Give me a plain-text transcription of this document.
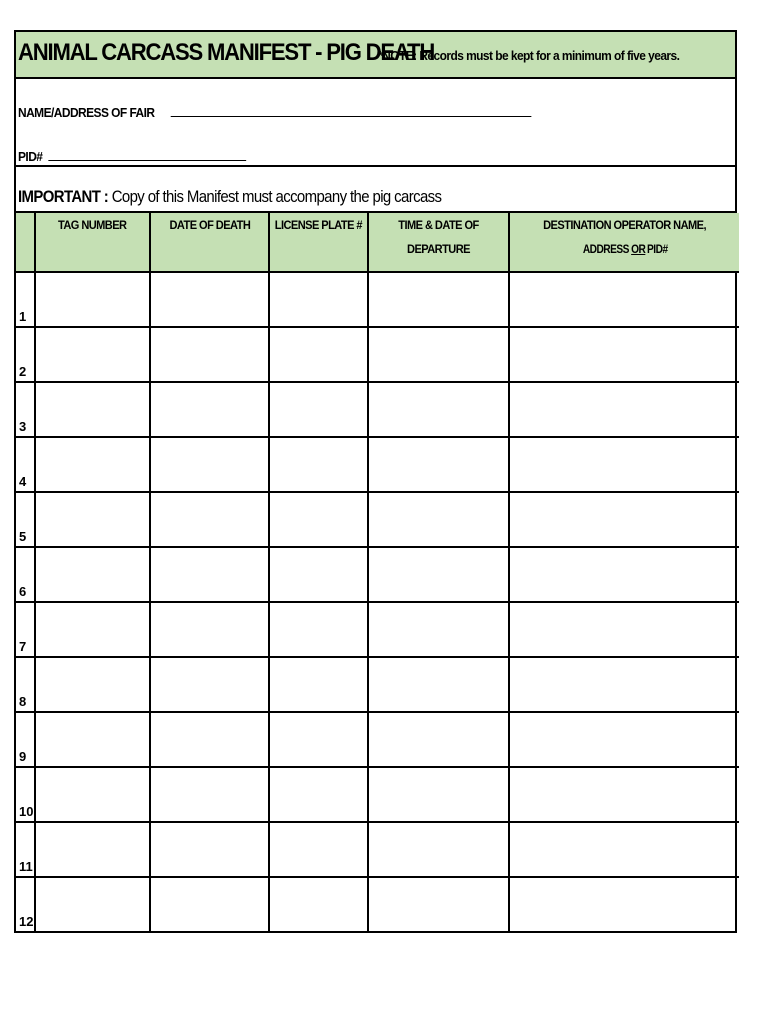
ANIMAL CARCASS MANIFEST - PIG DEATH
*NOTE: Records must be kept for a minimum of five years.
NAME/ADDRESS OF FAIR
PID#
IMPORTANT : Copy of this Manifest must accompany the pig carcass
	TAG NUMBER	DATE OF DEATH	LICENSE PLATE #	TIME & DATE OF DEPARTURE	DESTINATION OPERATOR NAME,
ADDRESSORPID#
1					
2					
3					
4					
5					
6					
7					
8					
9					
10					
11					
12					
